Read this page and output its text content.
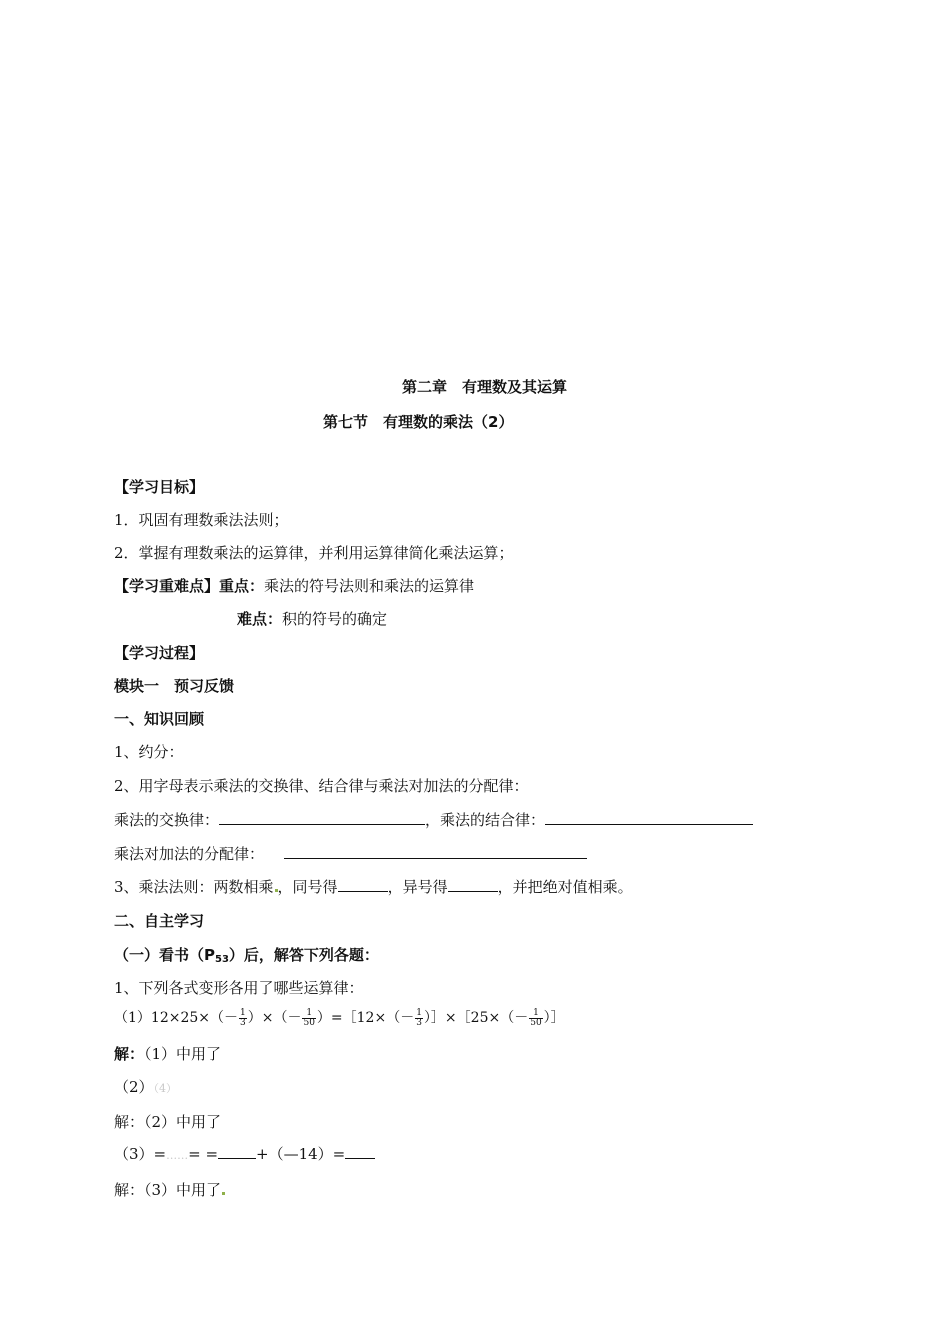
第二章　有理数及其运算
第七节　有理数的乘法（2）
【学习目标】
1．巩固有理数乘法法则；
2．掌握有理数乘法的运算律，并利用运算律简化乘法运算；
【学习重难点】重点：乘法的符号法则和乘法的运算律
难点：积的符号的确定
【学习过程】
模块一　预习反馈
一、知识回顾
1、约分：
2、用字母表示乘法的交换律、结合律与乘法对加法的分配律：
乘法的交换律：	，乘法的结合律：
乘法对加法的分配律：
3、乘法法则：两数相乘 ，同号得	，异号得	，并把绝对值相乘。
二、自主学习
（一）看书$(P_{53})$后，解答下列各题：
1、下列各式变形各用了哪些运算律：
$(1)12\times 25\times(- \frac{1}{3}$ ）×（－ $\frac{1}{50}$ ）=［12×（－ $\frac{1}{3}$ ）］×［25×（－ $\frac{1}{50}$ ）］
解：（1）中用了
（2）（4）
解：（2）中用了
（3）=……= =	+（—14）=
解：（3）中用了
